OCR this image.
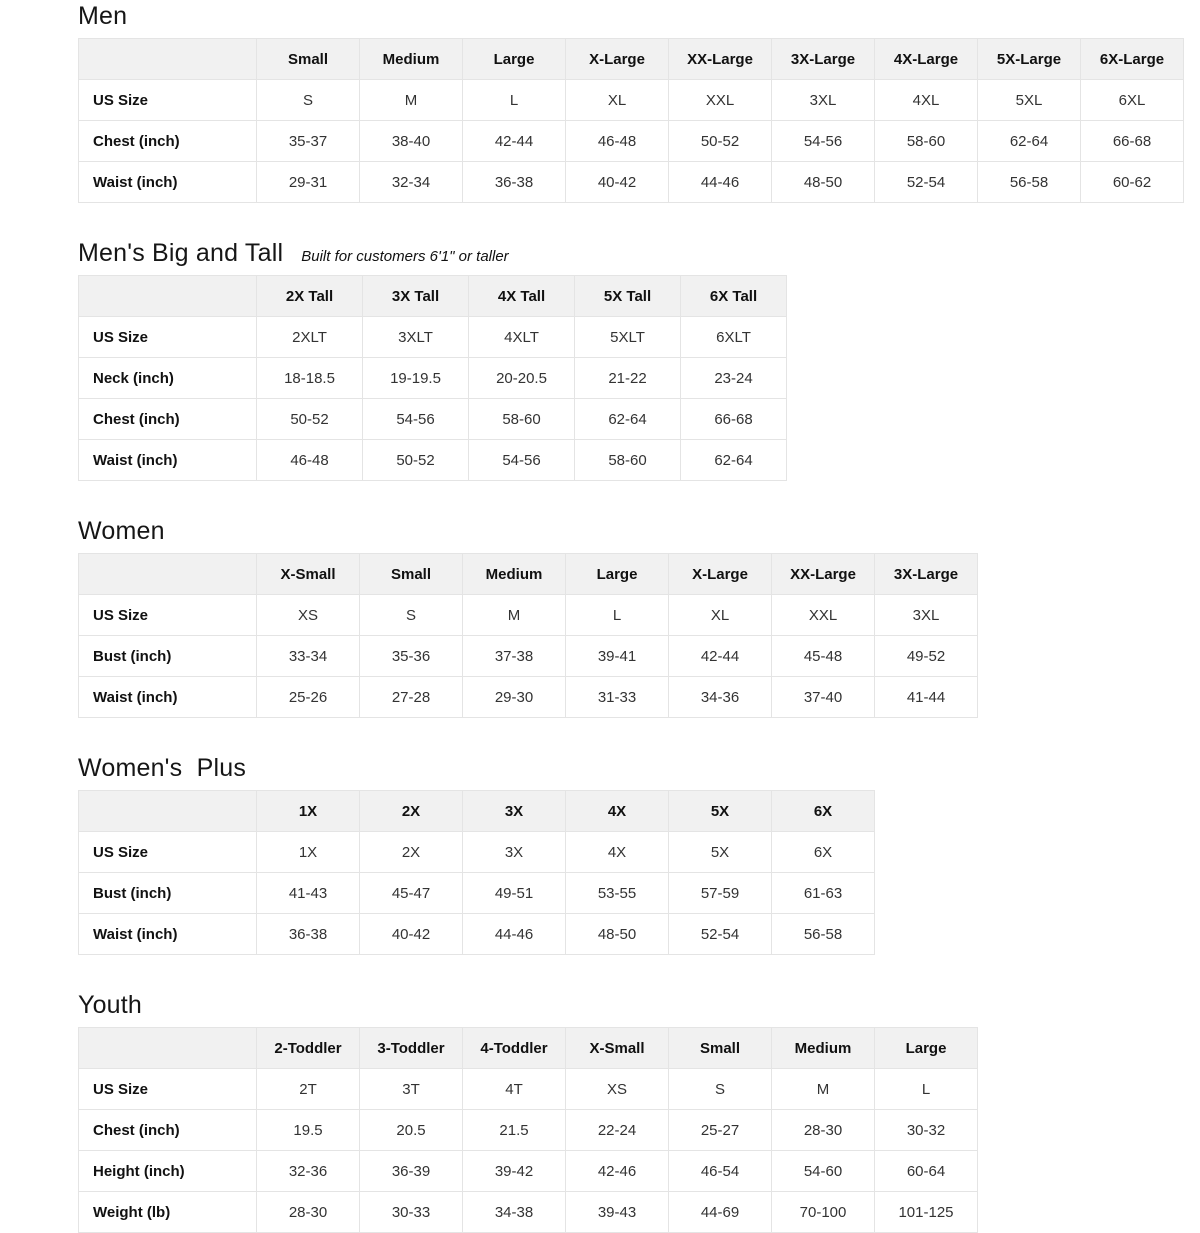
Men
	Small	Medium	Large	X-Large	XX-Large	3X-Large	4X-Large	5X-Large	6X-Large
US Size	S	M	L	XL	XXL	3XL	4XL	5XL	6XL
Chest (inch)	35-37	38-40	42-44	46-48	50-52	54-56	58-60	62-64	66-68
Waist (inch)	29-31	32-34	36-38	40-42	44-46	48-50	52-54	56-58	60-62
Men's Big and Tall Built for customers 6'1" or taller
	2X Tall	3X Tall	4X Tall	5X Tall	6X Tall
US Size	2XLT	3XLT	4XLT	5XLT	6XLT
Neck (inch)	18-18.5	19-19.5	20-20.5	21-22	23-24
Chest (inch)	50-52	54-56	58-60	62-64	66-68
Waist (inch)	46-48	50-52	54-56	58-60	62-64
Women
	X-Small	Small	Medium	Large	X-Large	XX-Large	3X-Large
US Size	XS	S	M	L	XL	XXL	3XL
Bust (inch)	33-34	35-36	37-38	39-41	42-44	45-48	49-52
Waist (inch)	25-26	27-28	29-30	31-33	34-36	37-40	41-44
Women's  Plus
	1X	2X	3X	4X	5X	6X
US Size	1X	2X	3X	4X	5X	6X
Bust (inch)	41-43	45-47	49-51	53-55	57-59	61-63
Waist (inch)	36-38	40-42	44-46	48-50	52-54	56-58
Youth
	2-Toddler	3-Toddler	4-Toddler	X-Small	Small	Medium	Large
US Size	2T	3T	4T	XS	S	M	L
Chest (inch)	19.5	20.5	21.5	22-24	25-27	28-30	30-32
Height (inch)	32-36	36-39	39-42	42-46	46-54	54-60	60-64
Weight (lb)	28-30	30-33	34-38	39-43	44-69	70-100	101-125
